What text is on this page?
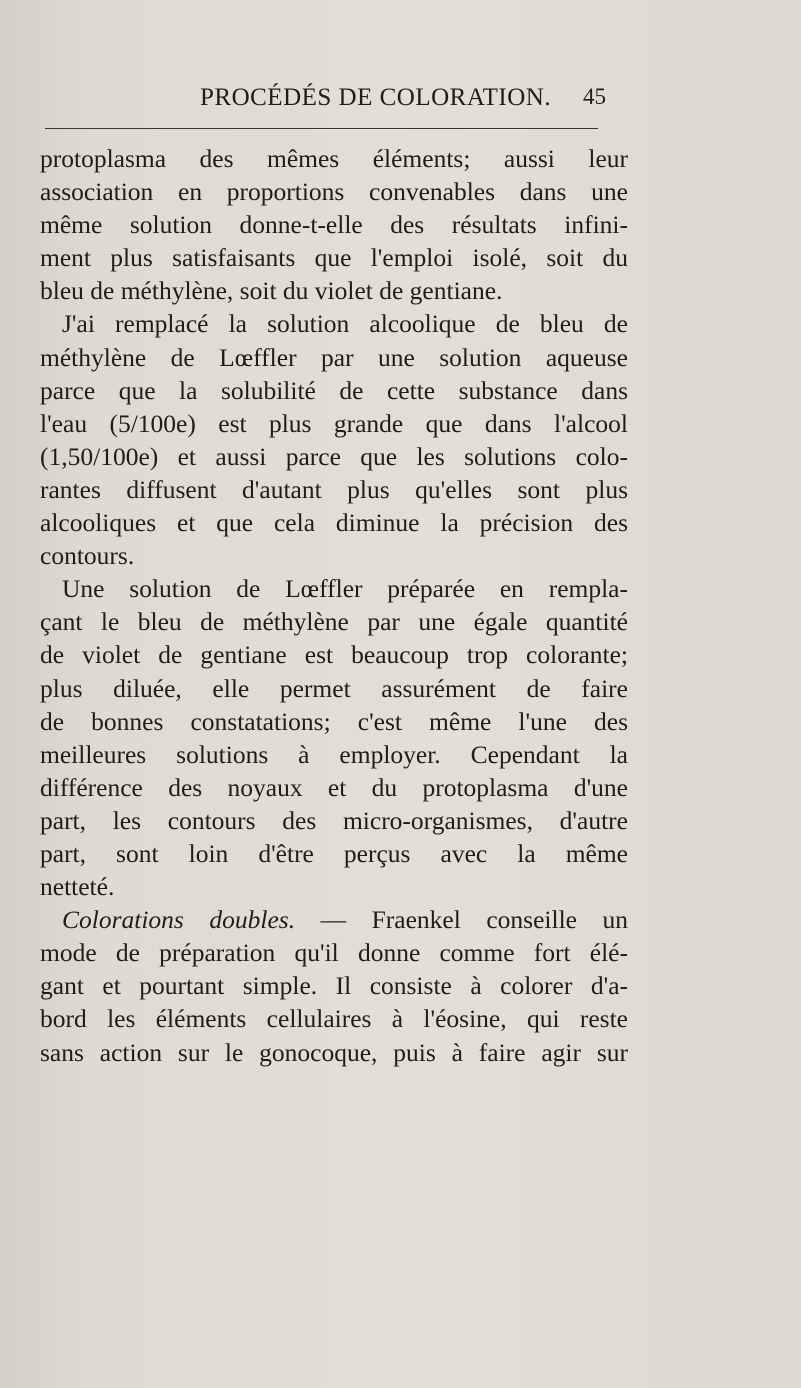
PROCÉDÉS DE COLORATION. 45
protoplasma des mêmes éléments; aussi leur
association en proportions convenables dans une
même solution donne-t-elle des résultats infini-
ment plus satisfaisants que l'emploi isolé, soit du
bleu de méthylène, soit du violet de gentiane.
J'ai remplacé la solution alcoolique de bleu de
méthylène de Lœffler par une solution aqueuse
parce que la solubilité de cette substance dans
l'eau (5/100e) est plus grande que dans l'alcool
(1,50/100e) et aussi parce que les solutions colo-
rantes diffusent d'autant plus qu'elles sont plus
alcooliques et que cela diminue la précision des
contours.
Une solution de Lœffler préparée en rempla-
çant le bleu de méthylène par une égale quantité
de violet de gentiane est beaucoup trop colorante;
plus diluée, elle permet assurément de faire
de bonnes constatations; c'est même l'une des
meilleures solutions à employer. Cependant la
différence des noyaux et du protoplasma d'une
part, les contours des micro-organismes, d'autre
part, sont loin d'être perçus avec la même
netteté.
Colorations doubles. — Fraenkel conseille un
mode de préparation qu'il donne comme fort élé-
gant et pourtant simple. Il consiste à colorer d'a-
bord les éléments cellulaires à l'éosine, qui reste
sans action sur le gonocoque, puis à faire agir sur
